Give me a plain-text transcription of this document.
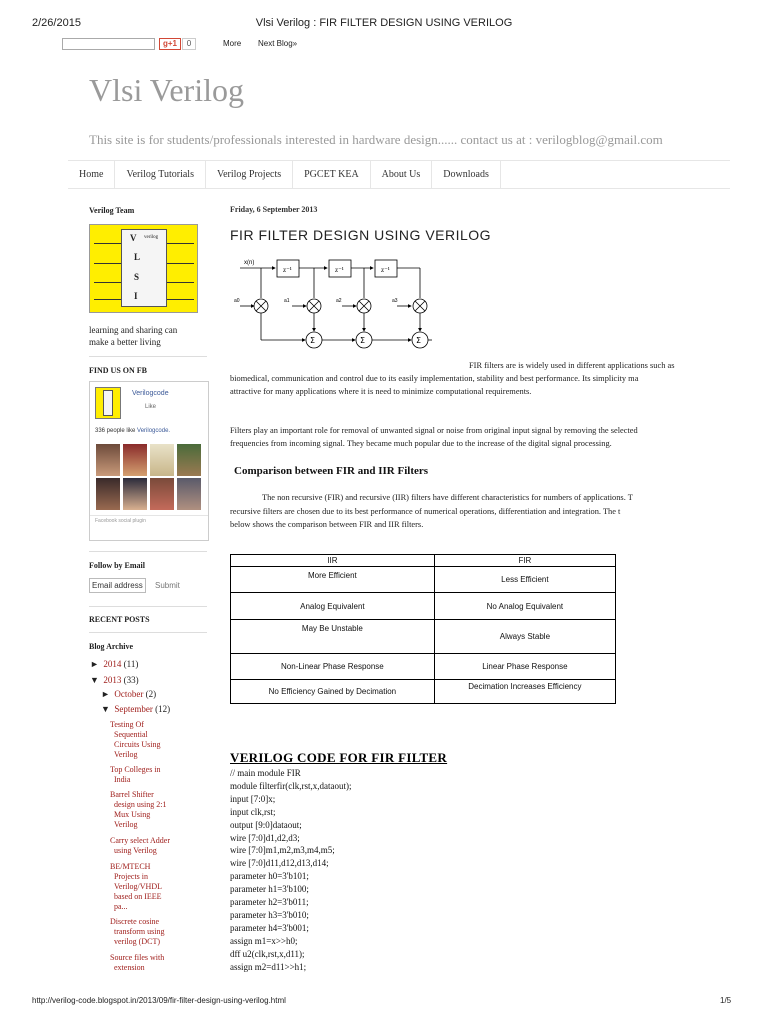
2/26/2015	Vlsi Verilog : FIR FILTER DESIGN USING VERILOG
g+1	0	More Next Blog»
Vlsi Verilog
This site is for students/professionals interested in hardware design...... contact us at : verilogblog@gmail.com
Home	Verilog Tutorials	Verilog Projects	PGCET KEA	About Us	Downloads
Verilog Team
V verilog
L
S
I
learning and sharing can
make a better living
FIND US ON FB
Verilogcode
Like
336 people like Verilogcode.
Facebook social plugin
Follow by Email
Email address	Submit
RECENT POSTS
Blog Archive
► 2014 (11)
▼ 2013 (33)
► October (2)
▼ September (12)
Testing Of
Sequential
Circuits Using
Verilog
Top Colleges in
India
Barrel Shifter
design using 2:1
Mux Using
Verilog
Carry select Adder
using Verilog
BE/MTECH
Projects in
Verilog/VHDL
based on IEEE
pa...
Discrete cosine
transform using
verilog (DCT)
Source files with
extension
Friday, 6 September 2013
FIR FILTER DESIGN USING VERILOG
x(n)
z⁻¹	z⁻¹	z⁻¹
a0	a1	a2	a3
Σ	Σ	Σ
FIR filters are is widely used in different applications such as
biomedical, communication and control due to its easily implementation, stability and best performance. Its simplicity ma
attractive for many applications where it is need to minimize computational requirements.
Filters play an important role for removal of unwanted signal or noise from original input signal by removing the selected
frequencies from incoming signal. They became much popular due to the increase of the digital signal processing.
Comparison between FIR and IIR Filters
The non recursive (FIR) and recursive (IIR) filters have different characteristics for numbers of applications. T
recursive filters are chosen due to its best performance of numerical operations, differentiation and integration. The t
below shows the comparison between FIR and IIR filters.
IIR	FIR
More Efficient	Less Efficient
Analog Equivalent	No Analog Equivalent
May Be Unstable	Always Stable
Non-Linear Phase Response	Linear Phase Response
No Efficiency Gained by Decimation	Decimation Increases Efficiency
VERILOG CODE FOR FIR FILTER
// main module FIR
module filterfir(clk,rst,x,dataout);
input [7:0]x;
input clk,rst;
output [9:0]dataout;
wire [7:0]d1,d2,d3;
wire [7:0]m1,m2,m3,m4,m5;
wire [7:0]d11,d12,d13,d14;
parameter h0=3'b101;
parameter h1=3'b100;
parameter h2=3'b011;
parameter h3=3'b010;
parameter h4=3'b001;
assign m1=x>>h0;
dff u2(clk,rst,x,d11);
assign m2=d11>>h1;
http://verilog-code.blogspot.in/2013/09/fir-filter-design-using-verilog.html	1/5
